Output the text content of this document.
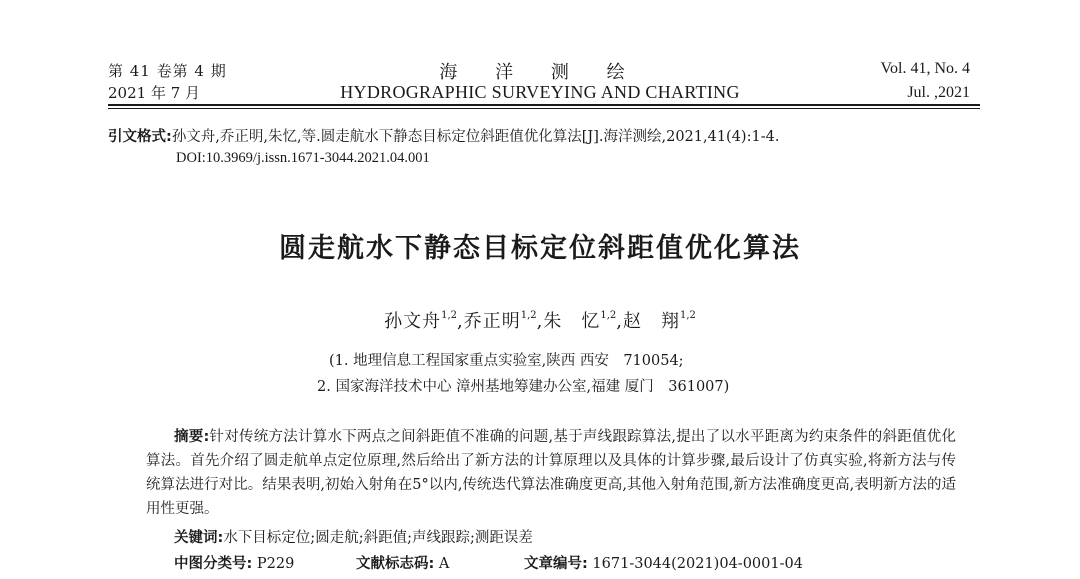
第 41 卷第 4 期
2021 年 7 月
海 洋 测 绘
HYDROGRAPHIC SURVEYING AND CHARTING
Vol. 41, No. 4
Jul. ,2021
引文格式:孙文舟,乔正明,朱忆,等.圆走航水下静态目标定位斜距值优化算法[J].海洋测绘,2021,41(4):1-4.
DOI:10.3969/j.issn.1671-3044.2021.04.001
圆走航水下静态目标定位斜距值优化算法
孙文舟$^{1,2}$,乔正明$^{1,2}$,朱　忆$^{1,2}$,赵　翔$^{1,2}$
(1. 地理信息工程国家重点实验室,陕西 西安　710054;
2. 国家海洋技术中心 漳州基地筹建办公室,福建 厦门　361007)
摘要:针对传统方法计算水下两点之间斜距值不准确的问题,基于声线跟踪算法,提出了以水平距离为约束条件的斜距值优化算法。首先介绍了圆走航单点定位原理,然后给出了新方法的计算原理以及具体的计算步骤,最后设计了仿真实验,将新方法与传统算法进行对比。结果表明,初始入射角在5°以内,传统迭代算法准确度更高,其他入射角范围,新方法准确度更高,表明新方法的适用性更强。
关键词:水下目标定位;圆走航;斜距值;声线跟踪;测距误差
中图分类号: P229	文献标志码: A	文章编号: 1671-3044(2021)04-0001-04
